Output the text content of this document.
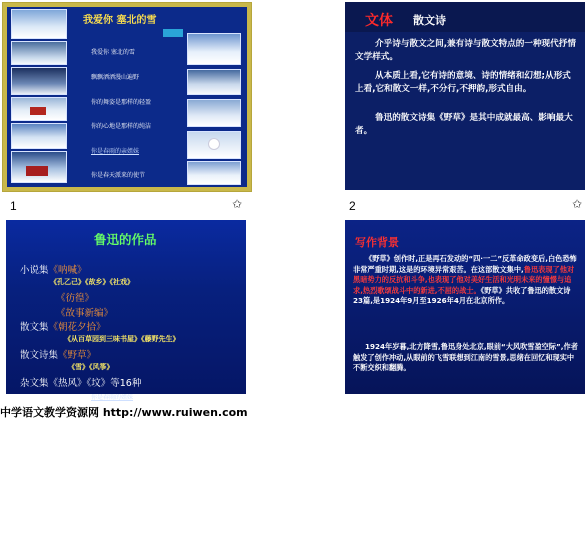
我爱你 塞北的雪

我爱你 塞北的雪

飘飘洒洒漫山遍野

你的舞姿是那样的轻盈

你的心地是那样的纯洁

你是春雨的亲姐妹

你是春天派来的使节

来年的春天

你是春雨的姐妹

啊 我爱你

啊 塞北的雪

啊 我爱你

啊 塞北的雪 塞北的雪

1	✩
文体 散文诗
介乎诗与散文之间,兼有诗与散文特点的一种现代抒情文学样式。
从本质上看,它有诗的意境、诗的情绪和幻想;从形式上看,它和散文一样,不分行,不押韵,形式自由。
鲁迅的散文诗集《野草》是其中成就最高、影响最大者。
2	✩
鲁迅的作品
小说集《呐喊》
《孔乙己》《故乡》《社戏》
《彷徨》
《故事新编》
散文集《朝花夕拾》
《从百草园到三味书屋》《藤野先生》
散文诗集《野草》
《雪》《风筝》
杂文集《热风》《坟》等16种
写作背景
《野草》创作时,正是再石发动的“四·一二”反革命政变后,白色恐怖非常严重时期,这是的环境异常艰苦。在这部散文集中,鲁迅表现了他对黑暗势力的反抗和斗争,也表现了他对美好生活和光明未来的憧憬与追求,热烈歌颂战斗中的新进,不屈的战士。《野草》共收了鲁迅的散文诗23篇,是1924年9月至1926年4月在北京所作。
1924年岁暮,北方降雪,鲁迅身处北京,眼前“大风吹雪盈空际”,作者触发了创作冲动,从眼前的飞雪联想到江南的雪景,思绪在回忆和现实中不断交织和翻腾。
中学语文教学资源网 http://www.ruiwen.com
